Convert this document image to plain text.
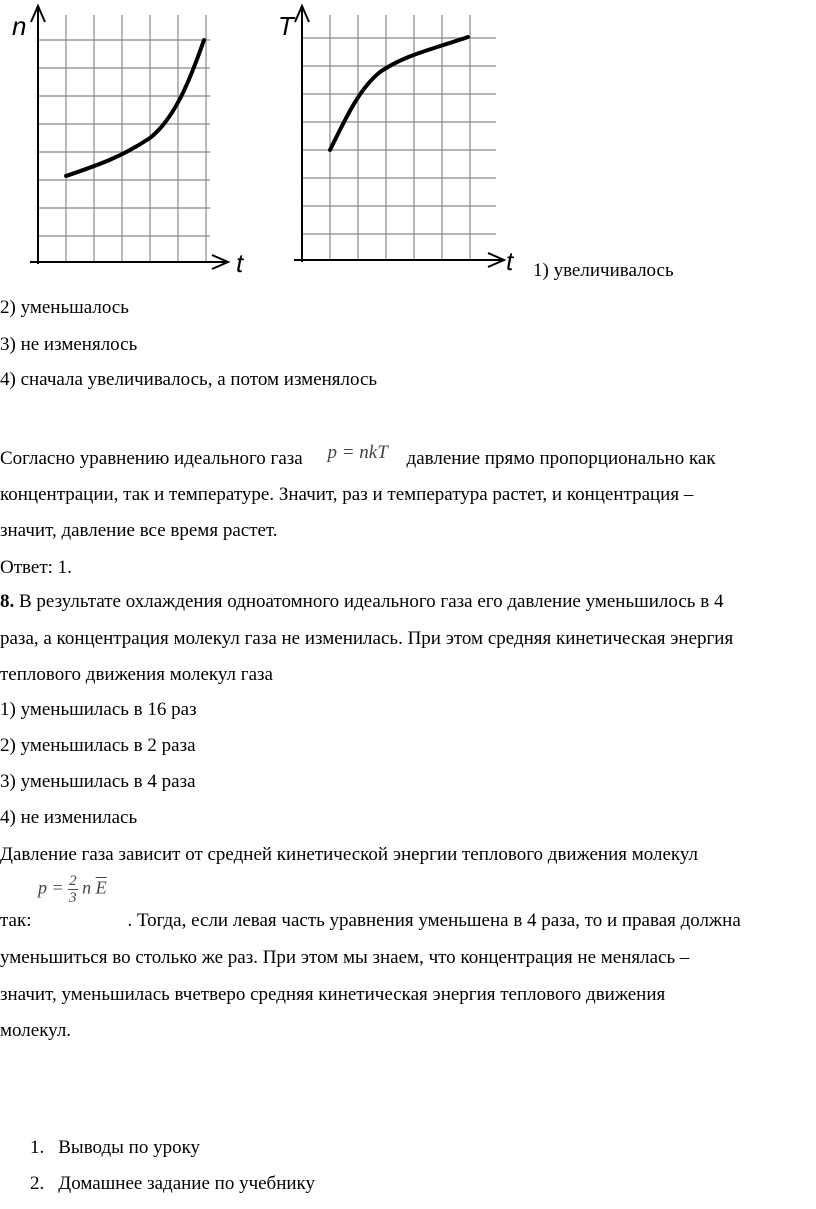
n
t
T
t 1) увеличивалось
2) уменьшалось
3) не изменялось
4) сначала увеличивалось, а потом изменялось
Согласно уравнению идеального газа p = nkT давление прямо пропорционально как
концентрации, так и температуре. Значит, раз и температура растет, и концентрация –
значит, давление все время растет.
Ответ: 1.
8. В результате охлаждения одноатомного идеального газа его давление уменьшилось в 4
раза, а концентрация молекул газа не изменилась. При этом средняя кинетическая энергия
теплового движения молекул газа
1) уменьшилась в 16 раз
2) уменьшилась в 2 раза
3) уменьшилась в 4 раза
4) не изменилась
Давление газа зависит от средней кинетической энергии теплового движения молекул
$p = \frac{2}{3}$ n $\overline{E}$
так:	. Тогда, если левая часть уравнения уменьшена в 4 раза, то и правая должна
уменьшиться во столько же раз. При этом мы знаем, что концентрация не менялась –
значит, уменьшилась вчетверо средняя кинетическая энергия теплового движения
молекул.
1. Выводы по уроку
2. Домашнее задание по учебнику
